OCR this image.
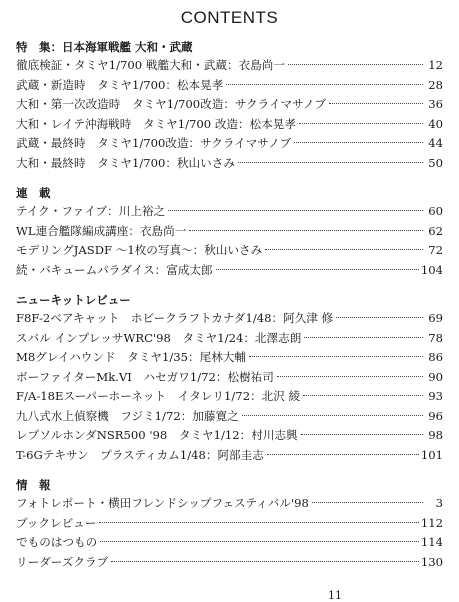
CONTENTS
特　集：日本海軍戦艦 大和・武蔵
徹底検証・タミヤ1/700 戦艦大和・武蔵：衣島尚一	12
武蔵・新造時　タミヤ1/700：松本晃孝	28
大和・第一次改造時　タミヤ1/700改造：サクライマサノブ	36
大和・レイテ沖海戦時　タミヤ1/700 改造：松本晃孝	40
武蔵・最終時　タミヤ1/700改造：サクライマサノブ	44
大和・最終時　タミヤ1/700：秋山いさみ	50
連　載
テイク・ファイブ：川上裕之	60
WL連合艦隊編成講座：衣島尚一	62
モデリングJASDF ～1枚の写真～：秋山いさみ	72
続・バキュームパラダイス：富成太郎	104
ニューキットレビュー
F8F-2ベアキャット　ホビークラフトカナダ1/48：阿久津 修	69
スバル インプレッサWRC'98　タミヤ1/24：北澤志朗	78
M8グレイハウンド　タミヤ1/35：尾林大輔	86
ボーファイターMk.VI　ハセガワ1/72：松樹祐司	90
F/A-18Eスーパーホーネット　イタレリ1/72：北沢 綾	93
九八式水上偵察機　フジミ1/72：加藤寛之	96
レプソルホンダNSR500 '98　タミヤ1/12：村川志興	98
T-6Gテキサン　プラスティカム1/48：阿部圭志	101
情　報
フォトレポート・横田フレンドシップフェスティバル'98	3
ブックレビュー	112
でものはつもの	114
リーダーズクラブ	130
11
